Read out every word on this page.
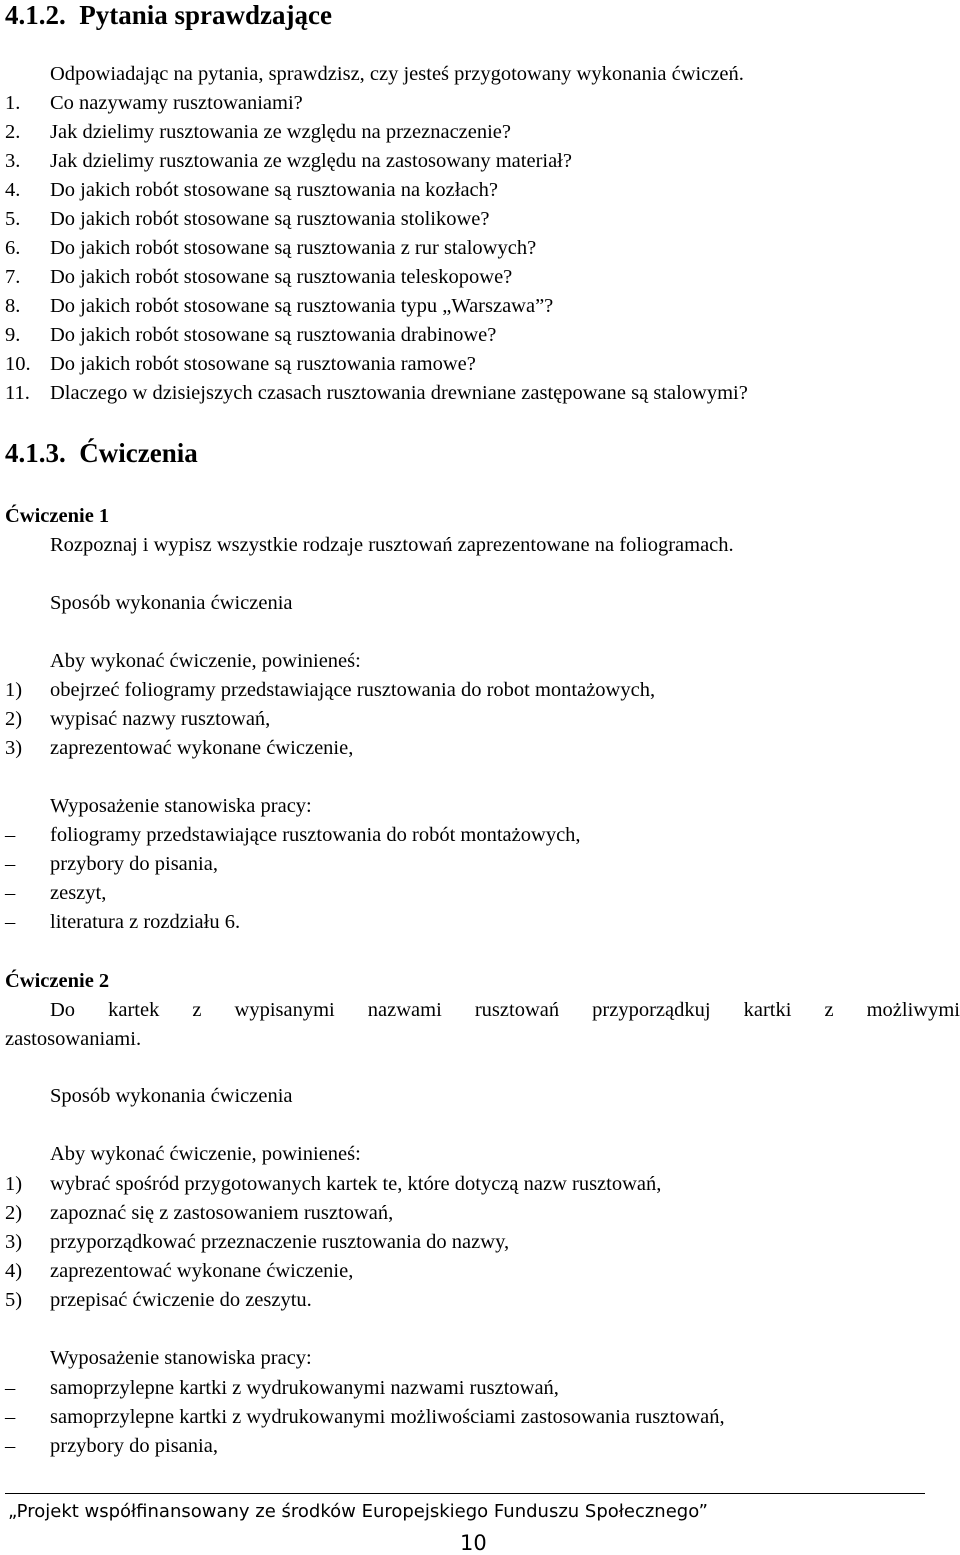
4.1.2. Pytania sprawdzające
Odpowiadając na pytania, sprawdzisz, czy jesteś przygotowany wykonania ćwiczeń.
1. Co nazywamy rusztowaniami?
2. Jak dzielimy rusztowania ze względu na przeznaczenie?
3. Jak dzielimy rusztowania ze względu na zastosowany materiał?
4. Do jakich robót stosowane są rusztowania na kozłach?
5. Do jakich robót stosowane są rusztowania stolikowe?
6. Do jakich robót stosowane są rusztowania z rur stalowych?
7. Do jakich robót stosowane są rusztowania teleskopowe?
8. Do jakich robót stosowane są rusztowania typu „Warszawa”?
9. Do jakich robót stosowane są rusztowania drabinowe?
10. Do jakich robót stosowane są rusztowania ramowe?
11. Dlaczego w dzisiejszych czasach rusztowania drewniane zastępowane są stalowymi?
4.1.3. Ćwiczenia
Ćwiczenie 1
Rozpoznaj i wypisz wszystkie rodzaje rusztowań zaprezentowane na foliogramach.
Sposób wykonania ćwiczenia
Aby wykonać ćwiczenie, powinieneś:
1) obejrzeć foliogramy przedstawiające rusztowania do robot montażowych,
2) wypisać nazwy rusztowań,
3) zaprezentować wykonane ćwiczenie,
Wyposażenie stanowiska pracy:
– foliogramy przedstawiające rusztowania do robót montażowych,
– przybory do pisania,
– zeszyt,
– literatura z rozdziału 6.
Ćwiczenie 2
Do kartek z wypisanymi nazwami rusztowań przyporządkuj kartki z możliwymi
zastosowaniami.
Sposób wykonania ćwiczenia
Aby wykonać ćwiczenie, powinieneś:
1) wybrać spośród przygotowanych kartek te, które dotyczą nazw rusztowań,
2) zapoznać się z zastosowaniem rusztowań,
3) przyporządkować przeznaczenie rusztowania do nazwy,
4) zaprezentować wykonane ćwiczenie,
5) przepisać ćwiczenie do zeszytu.
Wyposażenie stanowiska pracy:
– samoprzylepne kartki z wydrukowanymi nazwami rusztowań,
– samoprzylepne kartki z wydrukowanymi możliwościami zastosowania rusztowań,
– przybory do pisania,
„Projekt współfinansowany ze środków Europejskiego Funduszu Społecznego”
10
